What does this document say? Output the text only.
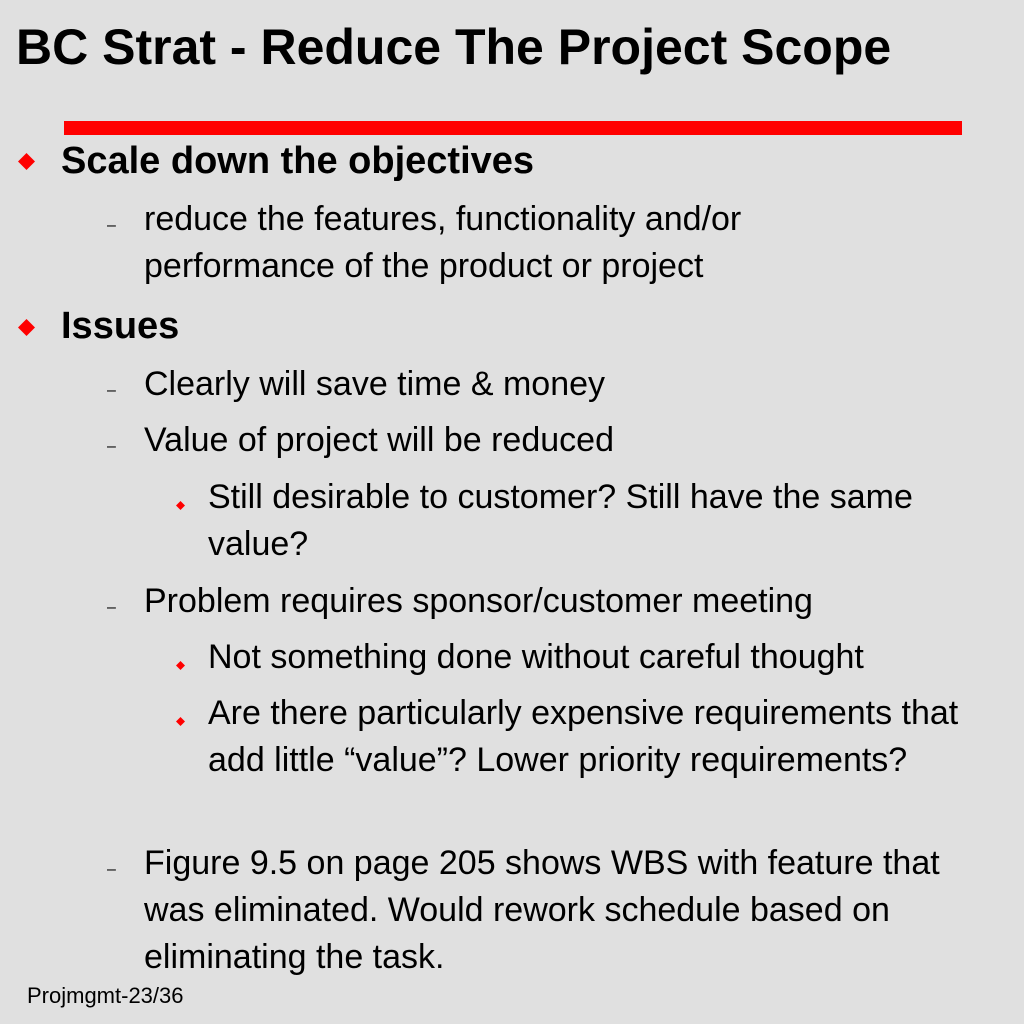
BC Strat - Reduce The Project Scope
Scale down the objectives
– reduce the features, functionality and/or performance of the product or project
Issues
– Clearly will save time & money
– Value of project will be reduced
Still desirable to customer? Still have the same value?
– Problem requires sponsor/customer meeting
Not something done without careful thought
Are there particularly expensive requirements that add little “value”? Lower priority requirements?
– Figure 9.5 on page 205 shows WBS with feature that was eliminated. Would rework schedule based on eliminating the task.
Projmgmt-23/36
